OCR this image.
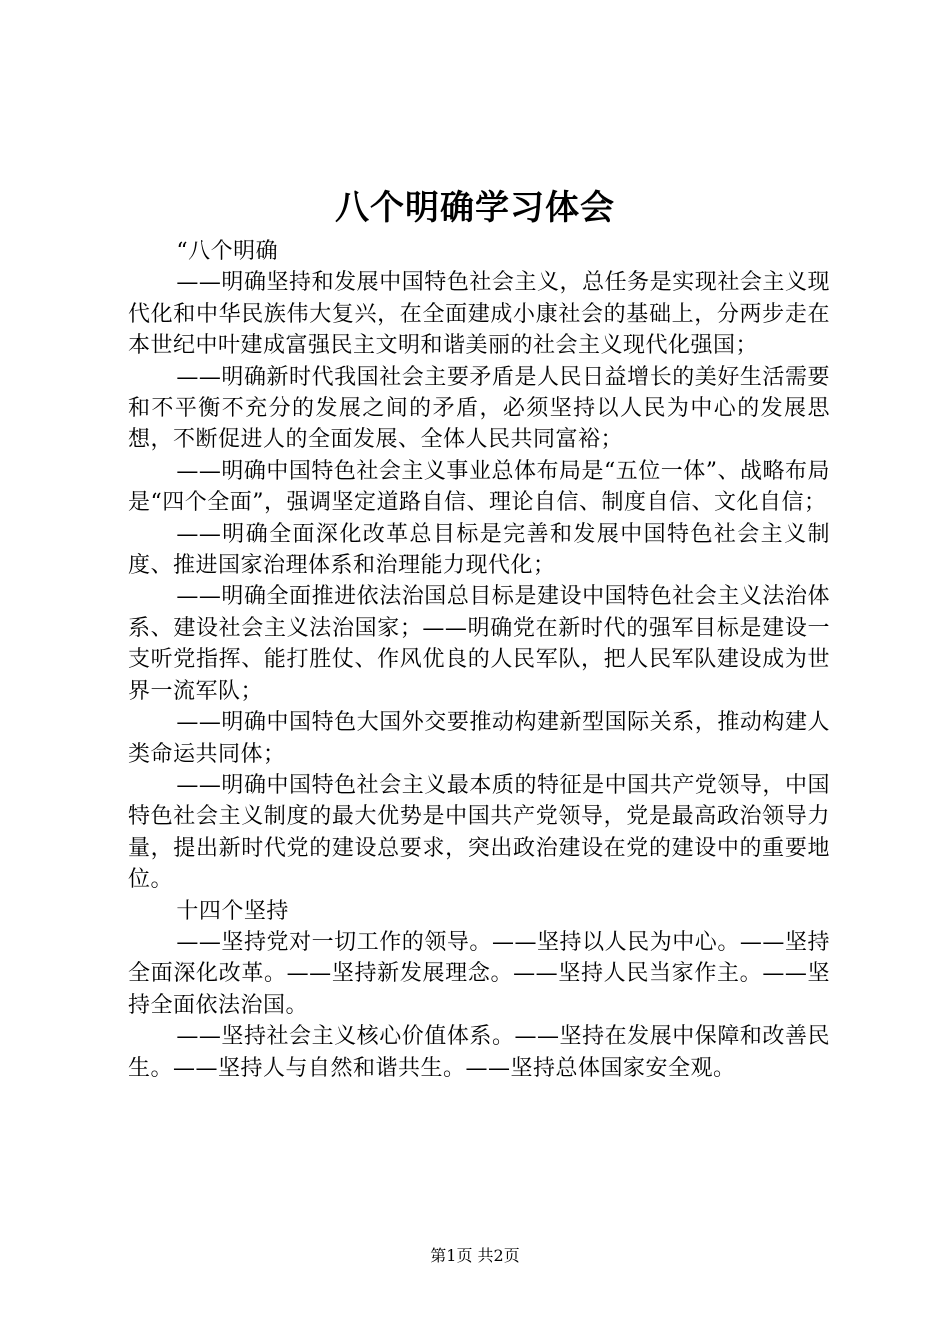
八个明确学习体会

“八个明确

——明确坚持和发展中国特色社会主义，总任务是实现社会主义现代化和中华民族伟大复兴，在全面建成小康社会的基础上，分两步走在本世纪中叶建成富强民主文明和谐美丽的社会主义现代化强国；

——明确新时代我国社会主要矛盾是人民日益增长的美好生活需要和不平衡不充分的发展之间的矛盾，必须坚持以人民为中心的发展思想，不断促进人的全面发展、全体人民共同富裕；

——明确中国特色社会主义事业总体布局是“五位一体”、战略布局是“四个全面”，强调坚定道路自信、理论自信、制度自信、文化自信；

——明确全面深化改革总目标是完善和发展中国特色社会主义制度、推进国家治理体系和治理能力现代化；

——明确全面推进依法治国总目标是建设中国特色社会主义法治体系、建设社会主义法治国家；——明确党在新时代的强军目标是建设一支听党指挥、能打胜仗、作风优良的人民军队，把人民军队建设成为世界一流军队；

——明确中国特色大国外交要推动构建新型国际关系，推动构建人类命运共同体；

——明确中国特色社会主义最本质的特征是中国共产党领导，中国特色社会主义制度的最大优势是中国共产党领导，党是最高政治领导力量，提出新时代党的建设总要求，突出政治建设在党的建设中的重要地位。

十四个坚持

——坚持党对一切工作的领导。——坚持以人民为中心。——坚持全面深化改革。——坚持新发展理念。——坚持人民当家作主。——坚持全面依法治国。

——坚持社会主义核心价值体系。——坚持在发展中保障和改善民生。——坚持人与自然和谐共生。——坚持总体国家安全观。

第1页 共2页
